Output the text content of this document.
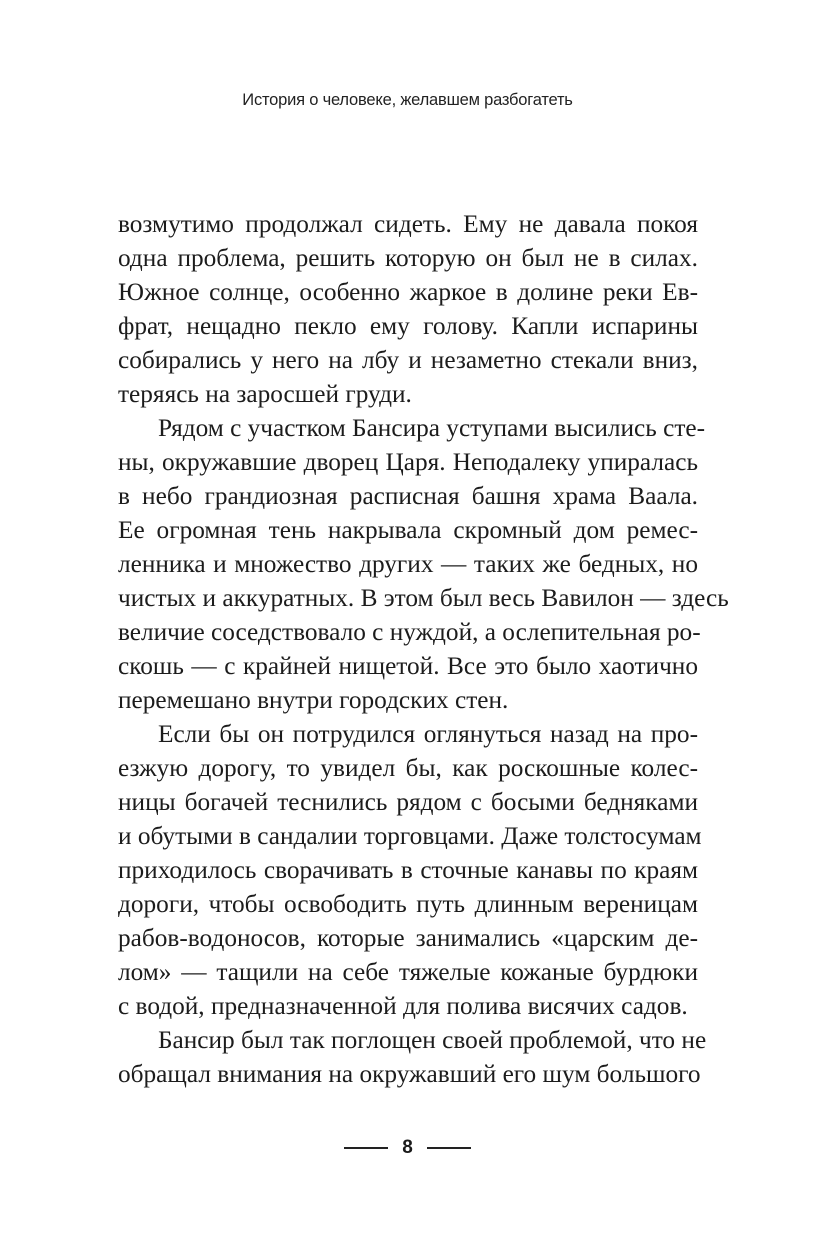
История о человеке, желавшем разбогатеть
возмутимо продолжал сидеть. Ему не давала покоя
одна проблема, решить которую он был не в силах.
Южное солнце, особенно жаркое в долине реки Ев-
фрат, нещадно пекло ему голову. Капли испарины
собирались у него на лбу и незаметно стекали вниз,
теряясь на заросшей груди.
Рядом с участком Бансира уступами высились сте-
ны, окружавшие дворец Царя. Неподалеку упиралась
в небо грандиозная расписная башня храма Ваала.
Ее огромная тень накрывала скромный дом ремес-
ленника и множество других — таких же бедных, но
чистых и аккуратных. В этом был весь Вавилон — здесь
величие соседствовало с нуждой, а ослепительная ро-
скошь — с крайней нищетой. Все это было хаотично
перемешано внутри городских стен.
Если бы он потрудился оглянуться назад на про-
езжую дорогу, то увидел бы, как роскошные колес-
ницы богачей теснились рядом с босыми бедняками
и обутыми в сандалии торговцами. Даже толстосумам
приходилось сворачивать в сточные канавы по краям
дороги, чтобы освободить путь длинным вереницам
рабов-водоносов, которые занимались «царским де-
лом» — тащили на себе тяжелые кожаные бурдюки
с водой, предназначенной для полива висячих садов.
Бансир был так поглощен своей проблемой, что не
обращал внимания на окружавший его шум большого
8
